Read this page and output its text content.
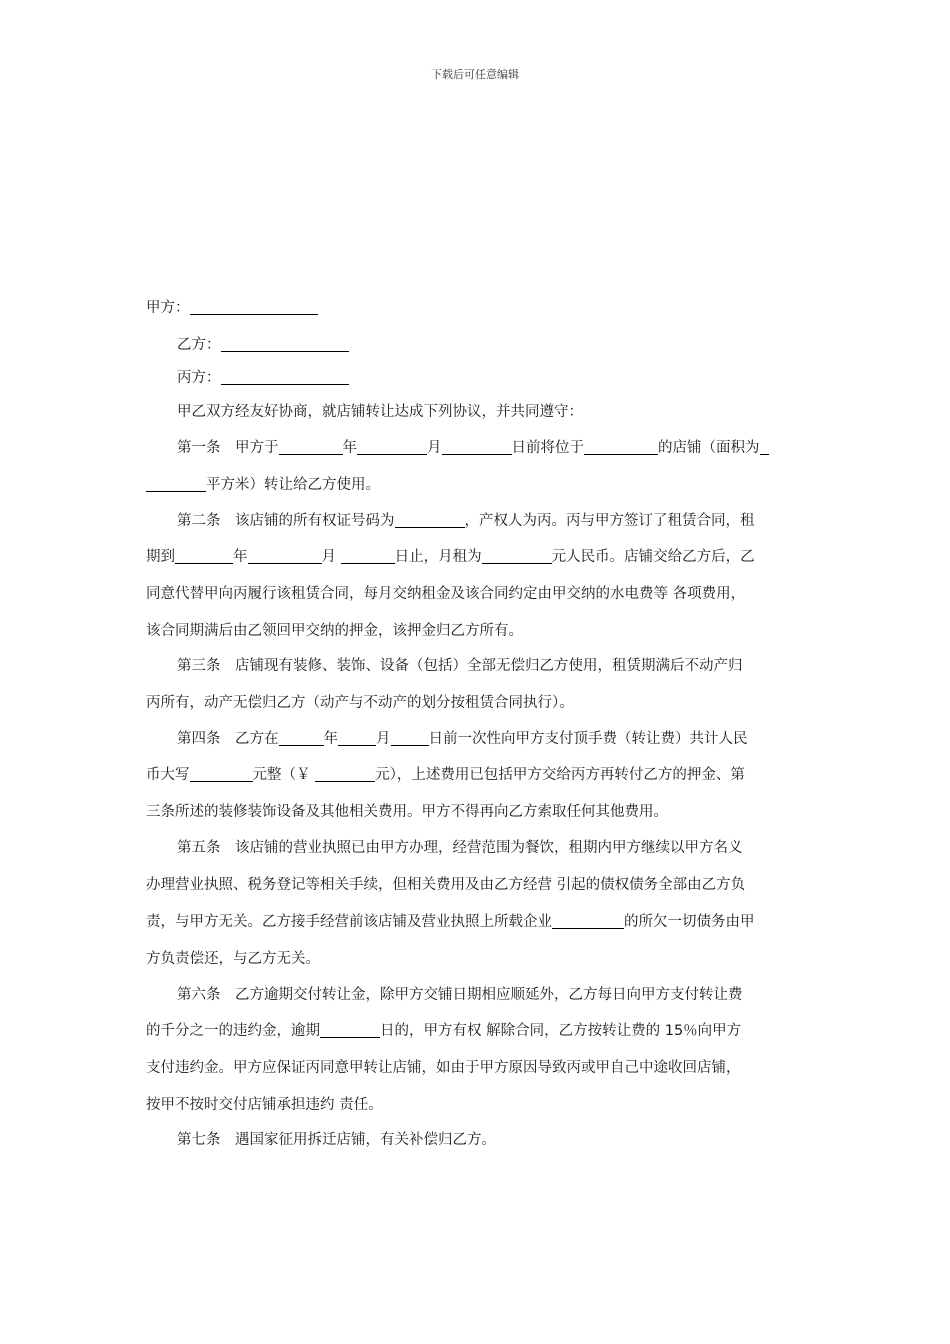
下载后可任意编辑
甲方：
乙方：
丙方：
甲乙双方经友好协商，就店铺转让达成下列协议，并共同遵守：
第一条　甲方于	年	月	日前将位于	的店铺（面积为
平方米）转让给乙方使用。
第二条　该店铺的所有权证号码为	，产权人为丙。丙与甲方签订了租赁合同，租
期到	年	月	日止，月租为	元人民币。店铺交给乙方后，乙
同意代替甲向丙履行该租赁合同，每月交纳租金及该合同约定由甲交纳的水电费等 各项费用，
该合同期满后由乙领回甲交纳的押金，该押金归乙方所有。
第三条　店铺现有装修、装饰、设备（包括）全部无偿归乙方使用，租赁期满后不动产归
丙所有，动产无偿归乙方（动产与不动产的划分按租赁合同执行）。
第四条　乙方在	年	月	日前一次性向甲方支付顶手费（转让费）共计人民
币大写	元整（￥	元），上述费用已包括甲方交给丙方再转付乙方的押金、第
三条所述的装修装饰设备及其他相关费用。甲方不得再向乙方索取任何其他费用。
第五条　该店铺的营业执照已由甲方办理，经营范围为餐饮，租期内甲方继续以甲方名义
办理营业执照、税务登记等相关手续，但相关费用及由乙方经营 引起的债权债务全部由乙方负
责，与甲方无关。乙方接手经营前该店铺及营业执照上所载企业	的所欠一切债务由甲
方负责偿还，与乙方无关。
第六条　乙方逾期交付转让金，除甲方交铺日期相应顺延外，乙方每日向甲方支付转让费
的千分之一的违约金，逾期	日的，甲方有权 解除合同，乙方按转让费的 15％向甲方
支付违约金。甲方应保证丙同意甲转让店铺，如由于甲方原因导致丙或甲自己中途收回店铺，
按甲不按时交付店铺承担违约 责任。
第七条　遇国家征用拆迁店铺，有关补偿归乙方。
